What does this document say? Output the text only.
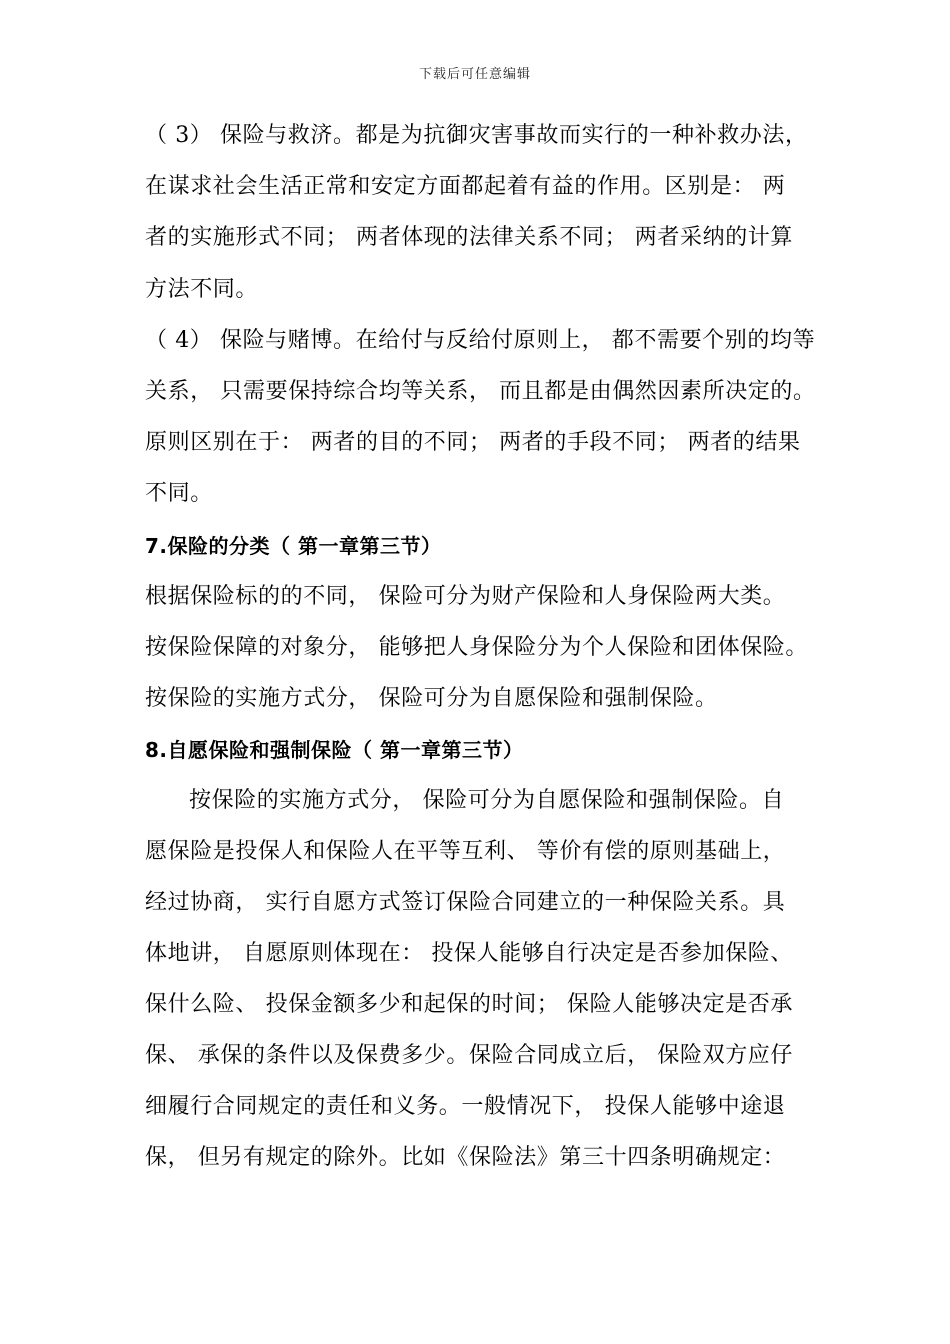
下载后可任意编辑
（ 3） 保险与救济。都是为抗御灾害事故而实行的一种补救办法，
在谋求社会生活正常和安定方面都起着有益的作用。区别是： 两
者的实施形式不同； 两者体现的法律关系不同； 两者采纳的计算
方法不同。
（ 4） 保险与赌博。在给付与反给付原则上， 都不需要个别的均等
关系， 只需要保持综合均等关系， 而且都是由偶然因素所决定的。
原则区别在于： 两者的目的不同； 两者的手段不同； 两者的结果
不同。
7.保险的分类（ 第一章第三节）
根据保险标的的不同， 保险可分为财产保险和人身保险两大类。
按保险保障的对象分， 能够把人身保险分为个人保险和团体保险。
按保险的实施方式分， 保险可分为自愿保险和强制保险。
8.自愿保险和强制保险（ 第一章第三节）
按保险的实施方式分， 保险可分为自愿保险和强制保险。自
愿保险是投保人和保险人在平等互利、 等价有偿的原则基础上，
经过协商， 实行自愿方式签订保险合同建立的一种保险关系。具
体地讲， 自愿原则体现在： 投保人能够自行决定是否参加保险、
保什么险、 投保金额多少和起保的时间； 保险人能够决定是否承
保、 承保的条件以及保费多少。保险合同成立后， 保险双方应仔
细履行合同规定的责任和义务。一般情况下， 投保人能够中途退
保， 但另有规定的除外。比如《保险法》第三十四条明确规定：
